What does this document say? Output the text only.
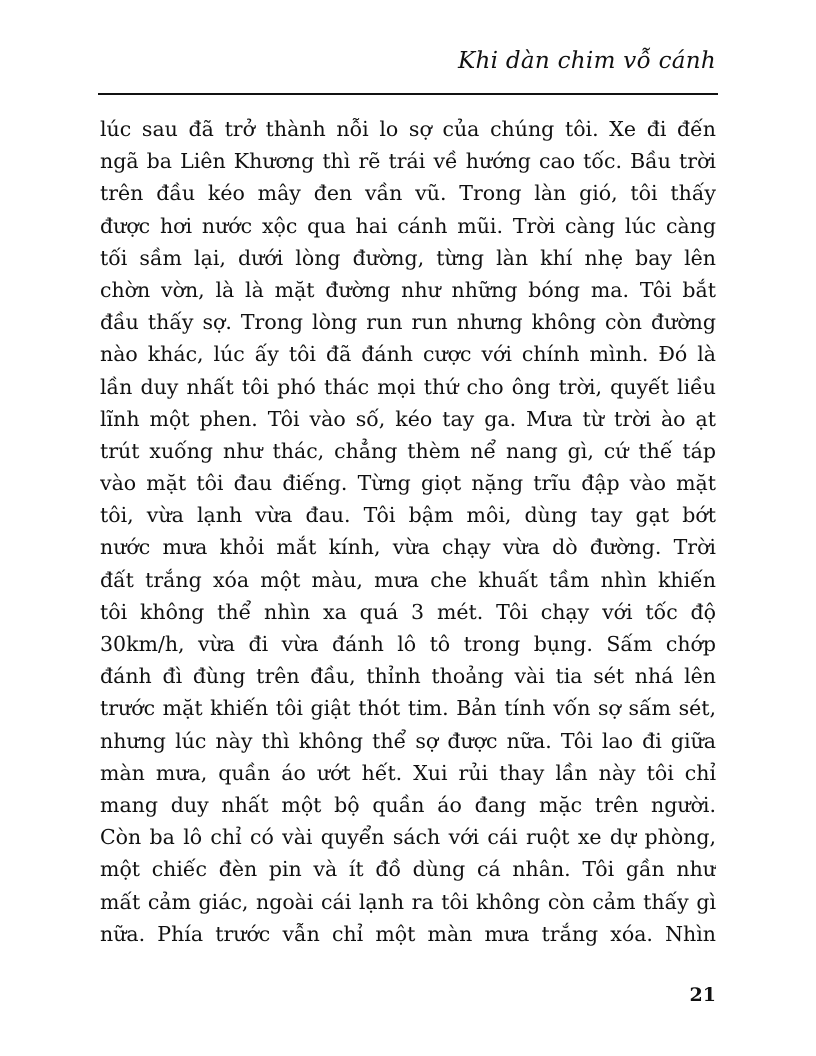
Khi dàn chim vỗ cánh
lúc sau đã trở thành nỗi lo sợ của chúng tôi. Xe đi đến
ngã ba Liên Khương thì rẽ trái về hướng cao tốc. Bầu trời
trên đầu kéo mây đen vần vũ. Trong làn gió, tôi thấy
được hơi nước xộc qua hai cánh mũi. Trời càng lúc càng
tối sầm lại, dưới lòng đường, từng làn khí nhẹ bay lên
chờn vờn, là là mặt đường như những bóng ma. Tôi bắt
đầu thấy sợ. Trong lòng run run nhưng không còn đường
nào khác, lúc ấy tôi đã đánh cược với chính mình. Đó là
lần duy nhất tôi phó thác mọi thứ cho ông trời, quyết liều
lĩnh một phen. Tôi vào số, kéo tay ga. Mưa từ trời ào ạt
trút xuống như thác, chẳng thèm nể nang gì, cứ thế táp
vào mặt tôi đau điếng. Từng giọt nặng trĩu đập vào mặt
tôi, vừa lạnh vừa đau. Tôi bậm môi, dùng tay gạt bớt
nước mưa khỏi mắt kính, vừa chạy vừa dò đường. Trời
đất trắng xóa một màu, mưa che khuất tầm nhìn khiến
tôi không thể nhìn xa quá 3 mét. Tôi chạy với tốc độ
30km/h, vừa đi vừa đánh lô tô trong bụng. Sấm chớp
đánh đì đùng trên đầu, thỉnh thoảng vài tia sét nhá lên
trước mặt khiến tôi giật thót tim. Bản tính vốn sợ sấm sét,
nhưng lúc này thì không thể sợ được nữa. Tôi lao đi giữa
màn mưa, quần áo ướt hết. Xui rủi thay lần này tôi chỉ
mang duy nhất một bộ quần áo đang mặc trên người.
Còn ba lô chỉ có vài quyển sách với cái ruột xe dự phòng,
một chiếc đèn pin và ít đồ dùng cá nhân. Tôi gần như
mất cảm giác, ngoài cái lạnh ra tôi không còn cảm thấy gì
nữa. Phía trước vẫn chỉ một màn mưa trắng xóa. Nhìn
21
